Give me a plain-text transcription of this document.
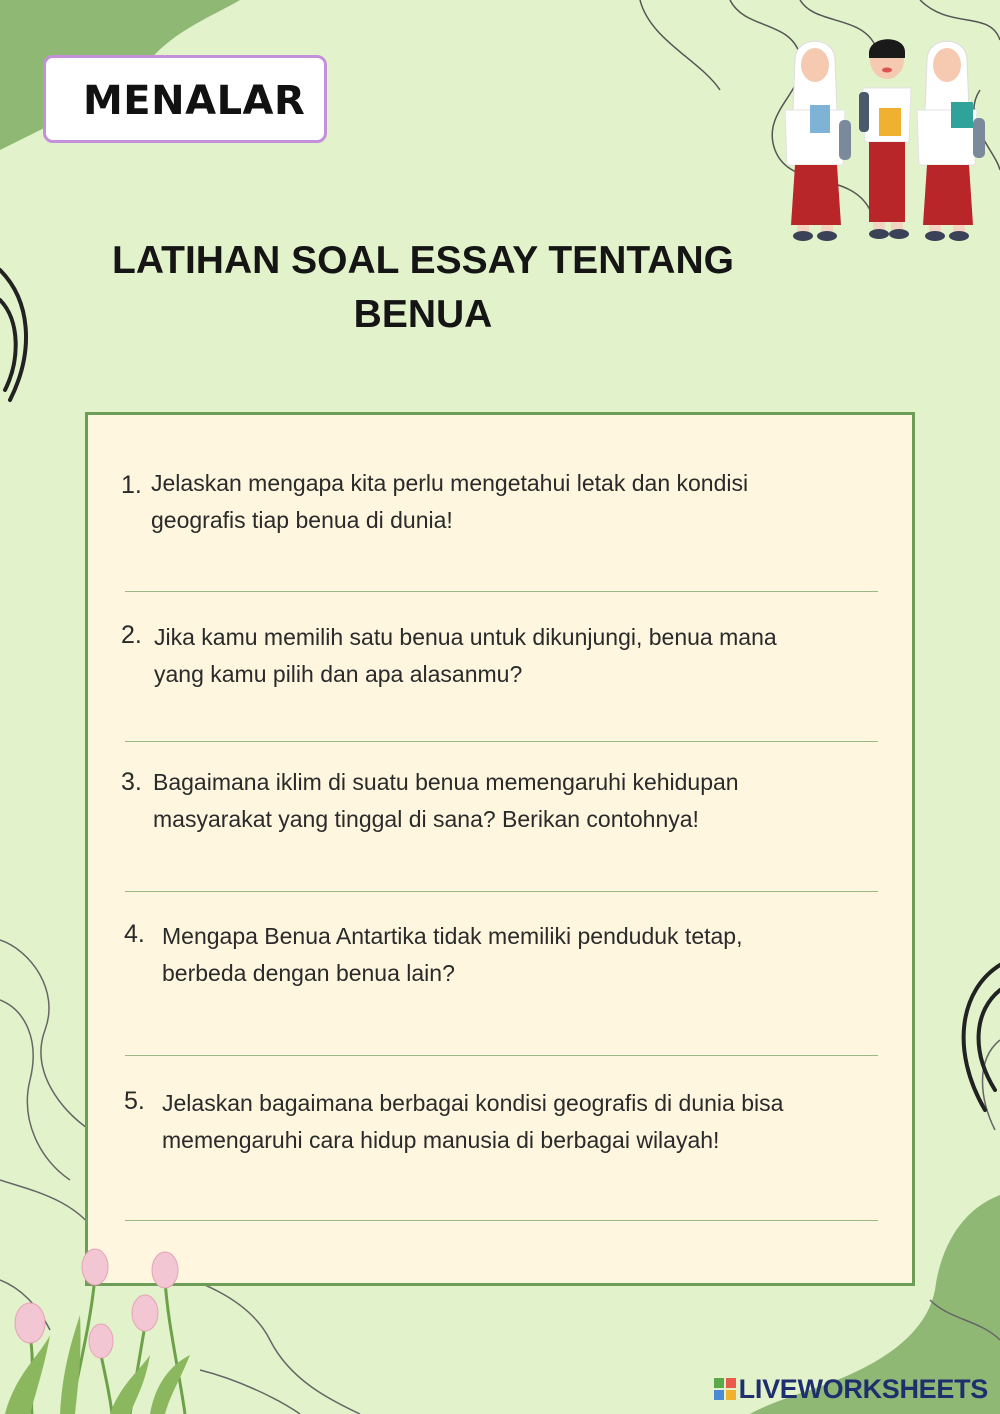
MENALAR
LATIHAN SOAL ESSAY TENTANG
BENUA
1. Jelaskan mengapa kita perlu mengetahui letak dan kondisi
geografis tiap benua di dunia!
2. Jika kamu memilih satu benua untuk dikunjungi, benua mana
yang kamu pilih dan apa alasanmu?
3. Bagaimana iklim di suatu benua memengaruhi kehidupan
masyarakat yang tinggal di sana? Berikan contohnya!
4. Mengapa Benua Antartika tidak memiliki penduduk tetap,
berbeda dengan benua lain?
5. Jelaskan bagaimana berbagai kondisi geografis di dunia bisa
memengaruhi cara hidup manusia di berbagai wilayah!
LIVEWORKSHEETS
